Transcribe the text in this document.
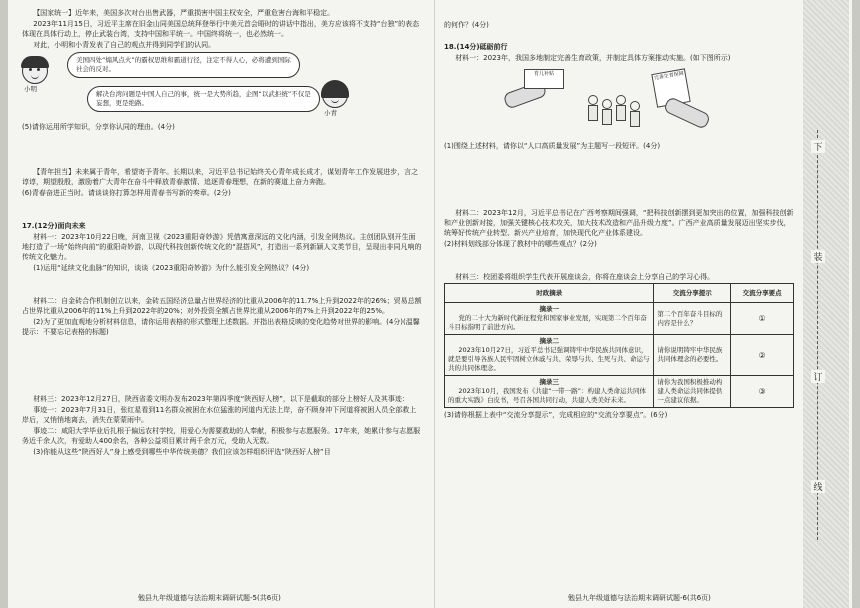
【国家统一】近年来，美国多次对台出售武器，严重损害中国主权安全，严重危害台海和平稳定。

2023年11月15日，习近平主席在旧金山同美国总统拜登举行中美元首会晤时的讲话中指出，美方应该将不支持“台独”的表态体现在具体行动上，停止武装台湾，支持中国和平统一。中国终将统一，也必然统一。

对此，小明和小青发表了自己的观点并得到同学们的认同。

小明
美国四处“煽风点火”的霸权思维和霸道行径，注定不得人心，必将遭到国际社会的反对。
解决台湾问题是中国人自己的事，统一是大势所趋，企图“以武拒统”不仅是妄想，更是绝路。
小青

(5)请你运用所学知识，分享你认同的理由。(4分)

【青年担当】未来属于青年，希望寄予青年。长期以来，习近平总书记始终关心青年成长成才，谋划青年工作发展进步，言之谆谆，期望殷殷，激励着广大青年在奋斗中释放青春激情、追逐青春理想，在新的赛道上奋力奔跑。

(6)青春奋进正当时。请谈谈你打算怎样用青春书写新的奏章。(2分)

17.(12分)面向未来

材料一：2023年10月22日晚，河南卫视《2023重阳奇妙游》凭借寓意深远的文化内涵，引发全网热议。主创团队别开生面地打造了一场“始终向前”的重阳奇妙游，以现代科技创新传统文化的“混搭风”，打造出一系列新颖人文类节目，呈现出非同凡响的传统文化魅力。

(1)运用“延续文化血脉”的知识，谈谈《2023重阳奇妙游》为什么能引发全网热议？(4分)

材料二：自金砖合作机制创立以来，金砖五国经济总量占世界经济的比重从2006年的11.7%上升到2022年的26%；贸易总额占世界比重从2006年的11%上升到2022年的20%；对外投资全额占世界比重从2006年的7%上升到2022年的25%。

(2)为了更加直观地分析材料信息，请你运用表格的形式整理上述数据。并指出表格反映的变化趋势对世界的影响。(4分)(温馨提示：不要忘记表格的标题)

材料三：2023年12月27日，陕西省委文明办发布2023年第四季度“陕西好人榜”，以下是截取的部分上榜好人及其事迹：

事迹一：2023年7月31日，张红星看到11名群众被困在水位猛涨的河道内无法上岸，奋不顾身冲下河道将被困人员全部救上岸后，又悄悄地离去，消失在蒙蒙雨中。

事迹二：咸阳大学毕业后扎根于偏远农村学校，用爱心为需要救助的人奉献，积极参与志愿服务。17年来，她累计参与志愿服务近千余人次，有爱助人400余名，各种公益项目累计两千余万元，受助人无数。

(3)你能从这些“陕西好人”身上感受到哪些中华传统美德？我们应该怎样组织评选“陕西好人榜”目

勉县九年级道德与法治期末调研试题-5(共6页)
的何作？(4分)

18.(14分)砥砺前行

材料一：2023年，我国多地制定完善生育政策，并制定具体方案推动实施。(如下图所示)

育儿补贴	完善生育保障

(1)围绕上述材料，请你以“人口高质量发展”为主题写一段短评。(4分)

材料二：2023年12月，习近平总书记在广西考察期间强调，“把科技创新摆到更加突出的位置，加强科技创新和产业创新对接，加强关键核心技术攻关，加大技术改造和产品升级力度”。广西产业高质量发展迈出坚实步伐，统筹好传统产业转型、新兴产业培育，加快现代化产业体系建设。

(2)材料划线部分体现了教材中的哪些观点？(2分)

材料三：校团委将组织学生代表开展座谈会，你将在座谈会上分享自己的学习心得。

时政摘录	交流分享提示	交流分享要点

摘录一
党的二十大为新时代新征程党和国家事业发展，实现第二个百年奋斗目标指明了前进方向。	第二个百年奋斗目标的内容是什么？	①

摘录二
2023年10月27日，习近平总书记强调铸牢中华民族共同体意识，就是要引导各族人民牢固树立休戚与共、荣辱与共、生死与共、命运与共的共同体理念。	请你说明铸牢中华民族共同体理念的必要性。	②

摘录三
2023年10月，我国发布《共建“一带一路”：构建人类命运共同体的重大实践》白皮书，号召各国共同行动，共建人类美好未来。	请你为我国积极推动构建人类命运共同体提供一点建议依据。	③

(3)请你根据上表中“交流分享提示”，完成相应的“交流分享要点”。(6分)

勉县九年级道德与法治期末调研试题-6(共6页)
下
装
订
线
